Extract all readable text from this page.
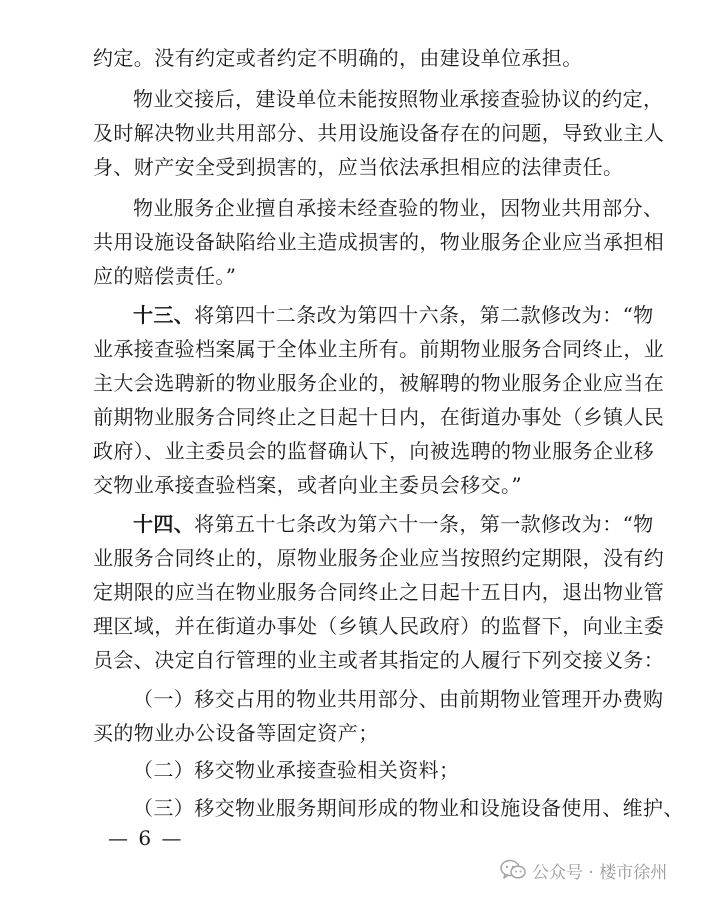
约定。没有约定或者约定不明确的，由建设单位承担。
物业交接后，建设单位未能按照物业承接查验协议的约定，
及时解决物业共用部分、共用设施设备存在的问题，导致业主人
身、财产安全受到损害的，应当依法承担相应的法律责任。
物业服务企业擅自承接未经查验的物业，因物业共用部分、
共用设施设备缺陷给业主造成损害的，物业服务企业应当承担相
应的赔偿责任。”
十三、将第四十二条改为第四十六条，第二款修改为：“物
业承接查验档案属于全体业主所有。前期物业服务合同终止，业
主大会选聘新的物业服务企业的，被解聘的物业服务企业应当在
前期物业服务合同终止之日起十日内，在街道办事处（乡镇人民
政府）、业主委员会的监督确认下，向被选聘的物业服务企业移
交物业承接查验档案，或者向业主委员会移交。”
十四、将第五十七条改为第六十一条，第一款修改为：“物
业服务合同终止的，原物业服务企业应当按照约定期限，没有约
定期限的应当在物业服务合同终止之日起十五日内，退出物业管
理区域，并在街道办事处（乡镇人民政府）的监督下，向业主委
员会、决定自行管理的业主或者其指定的人履行下列交接义务：
（一）移交占用的物业共用部分、由前期物业管理开办费购
买的物业办公设备等固定资产；
（二）移交物业承接查验相关资料；
（三）移交物业服务期间形成的物业和设施设备使用、维护、
— 6 —
公众号 · 楼市徐州
